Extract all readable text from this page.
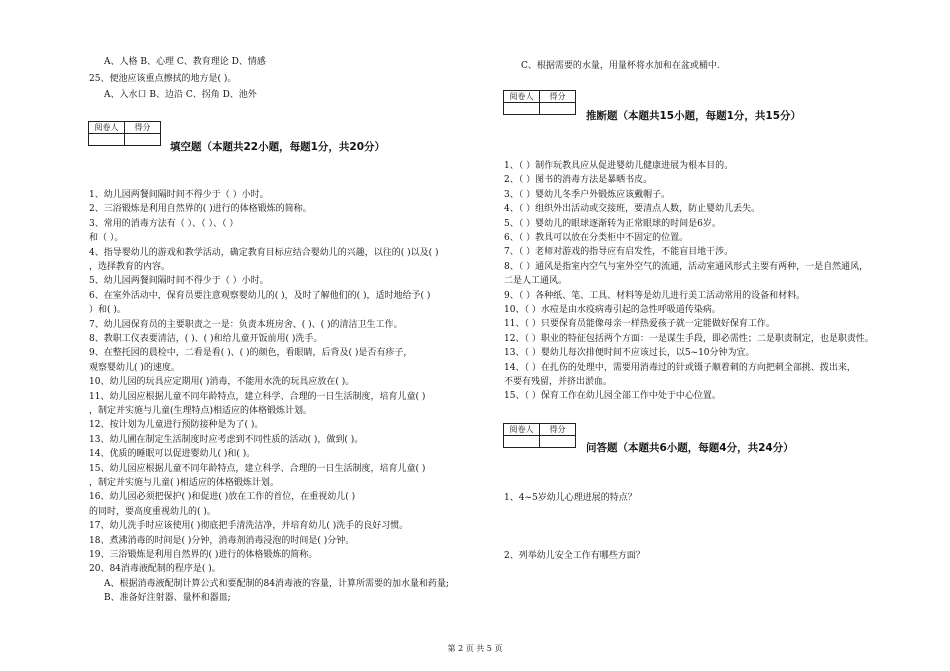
A、人格 B、心理 C、教育理论 D、情感
25、便池应该重点擦拭的地方是( )。
A、入水口 B、边沿 C、拐角 D、池外
阅卷人	得分

填空题（本题共22小题，每题1分，共20分）
1、幼儿园两餐间隔时间不得少于（ ）小时。
2、三浴锻炼是利用自然界的( )进行的体格锻炼的简称。
3、常用的消毒方法有（ ）、（ ）、（ ）
和（ ）。
4、指导婴幼儿的游戏和教学活动，确定教育目标应结合婴幼儿的兴趣，以往的( )以及( )
，选择教育的内容。
5、幼儿园两餐间隔时间不得少于（ ）小时。
6、在室外活动中，保育员要注意观察婴幼儿的( )，及时了解他们的( )，适时地给予( )
）和( )。
7、幼儿园保育员的主要职责之一是：负责本班房舍、( )、( )的清洁卫生工作。
8、教职工仪表要清洁，( )、( )和给儿童开饭前用( )洗手。
9、在整托园的晨检中，二看是看( )、( )的颜色，看眼睛，后背及( )是否有疹子，
观察婴幼儿( )的速度。
10、幼儿园的玩具应定期用( )消毒，不能用水洗的玩具应放在( )。
11、幼儿园应根据儿童不同年龄特点，建立科学、合理的一日生活制度，培育儿童( )
，制定并实施与儿童(生理特点)相适应的体格锻炼计划。
12、按计划为儿童进行预防接种是为了( )。
13、幼儿圃在制定生活制度时应考虑到不同性质的活动( )，做到( )。
14、优质的睡眠可以促进婴幼儿( )和( )。
15、幼儿园应根据儿童不同年龄特点，建立科学、合理的一日生活制度，培育儿童( )
，制定并实施与儿童( )相适应的体格锻炼计划。
16、幼儿园必须把保护( )和促进( )放在工作的首位，在重视幼儿( )
的同时，要高度重视幼儿的( )。
17、幼儿洗手时应该使用( )彻底把手清洗洁净，并培育幼儿( )洗手的良好习惯。
18、煮沸消毒的时间是( )分钟，消毒剂消毒浸泡的时间是( )分钟。
19、三浴锻炼是利用自然界的( )进行的体格锻炼的简称。
20、84消毒液配制的程序是( )。
A、根据消毒液配制计算公式和要配制的84消毒液的容量，计算所需要的加水量和药量;
B、准备好注射器、量杯和器皿;
C、根据需要的水量，用量杯将水加和在盆或桶中.
阅卷人	得分

推断题（本题共15小题，每题1分，共15分）
1、（ ）制作玩教具应从促进婴幼儿健康进展为根本目的。
2、（ ）图书的消毒方法是暴晒书皮。
3、（ ）婴幼儿冬季户外锻炼应该戴帽子。
4、（ ）组织外出活动或交接班，要清点人数，防止婴幼儿丢失。
5、（ ）婴幼儿的眼球逐渐转为正常眼球的时间是6岁。
6、（ ）教具可以放在分类柜中不固定的位置。
7、（ ）老师对游戏的指导应有启发性，不能盲目地干涉。
8、（ ）通风是指室内空气与室外空气的流通，活动室通风形式主要有两种，一是自然通风，
二是人工通风。
9、（ ）各种纸、笔、工具、材料等是幼儿进行美工活动常用的设备和材料。
10、（ ）水痘是由水疫病毒引起的急性呼吸道传染病。
11、（ ）只要保育员能像母亲一样热爱孩子就一定能做好保育工作。
12、（ ）职业的特征包括两个方面：一是谋生手段，即必需性；二是职责制定，也是职责性。
13、（ ）婴幼儿每次排便时间不应该过长，以5~10分钟为宜。
14、（ ）在扎伤的处理中，需要用消毒过的针或镊子顺着刺的方向把刺全部挑、拨出来，
不要有残留，并挤出淤血。
15、（ ）保育工作在幼儿园全部工作中处于中心位置。
阅卷人	得分

问答题（本题共6小题，每题4分，共24分）
1、4~5岁幼儿心理进展的特点？
2、列举幼儿安全工作有哪些方面？
第 2 页 共 5 页
